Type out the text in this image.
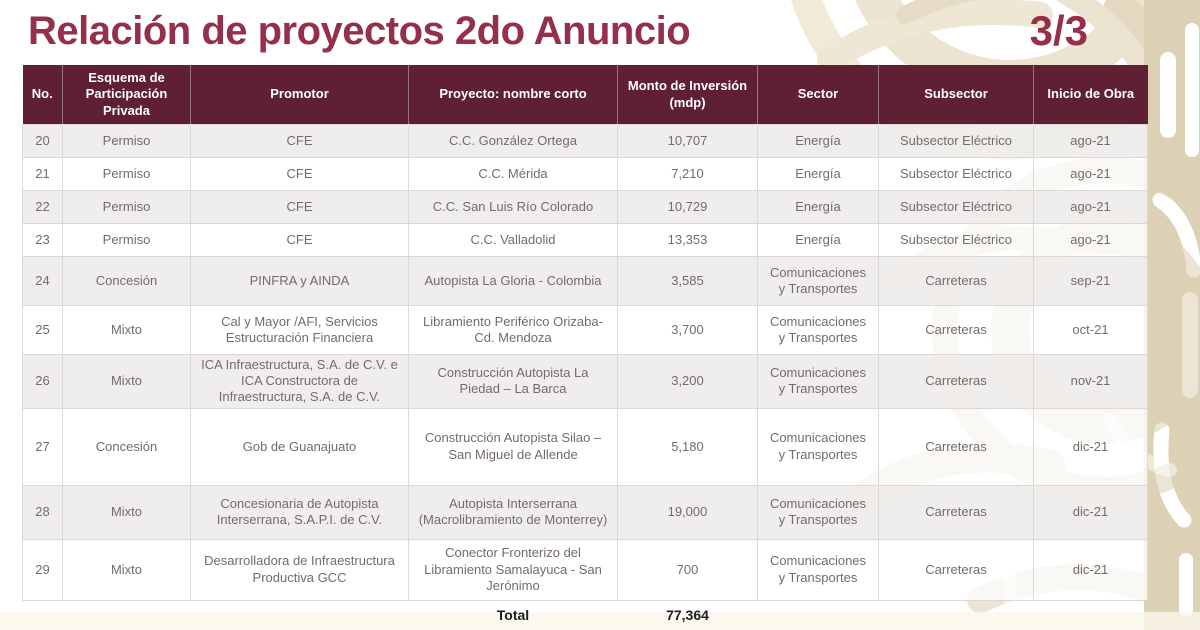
Relación de proyectos 2do Anuncio	3/3
No.	Esquema de Participación Privada	Promotor	Proyecto: nombre corto	Monto de Inversión (mdp)	Sector	Subsector	Inicio de Obra
20	Permiso	CFE	C.C. González Ortega	10,707	Energía	Subsector Eléctrico	ago-21
21	Permiso	CFE	C.C. Mérida	7,210	Energía	Subsector Eléctrico	ago-21
22	Permiso	CFE	C.C. San Luis Río Colorado	10,729	Energía	Subsector Eléctrico	ago-21
23	Permiso	CFE	C.C. Valladolid	13,353	Energía	Subsector Eléctrico	ago-21
24	Concesión	PINFRA y AINDA	Autopista La Gloria - Colombia	3,585	Comunicaciones y Transportes	Carreteras	sep-21
25	Mixto	Cal y Mayor /AFI, Servicios Estructuración Financiera	Libramiento Periférico Orizaba-Cd. Mendoza	3,700	Comunicaciones y Transportes	Carreteras	oct-21
26	Mixto	ICA Infraestructura, S.A. de C.V. e ICA Constructora de Infraestructura, S.A. de C.V.	Construcción Autopista La Piedad – La Barca	3,200	Comunicaciones y Transportes	Carreteras	nov-21
27	Concesión	Gob de Guanajuato	Construcción Autopista Silao – San Miguel de Allende	5,180	Comunicaciones y Transportes	Carreteras	dic-21
28	Mixto	Concesionaria de Autopista Interserrana, S.A.P.I. de C.V.	Autopista Interserrana (Macrolibramiento de Monterrey)	19,000	Comunicaciones y Transportes	Carreteras	dic-21
29	Mixto	Desarrolladora de Infraestructura Productiva GCC	Conector Fronterizo del Libramiento Samalayuca - San Jerónimo	700	Comunicaciones y Transportes	Carreteras	dic-21
			Total	77,364			
